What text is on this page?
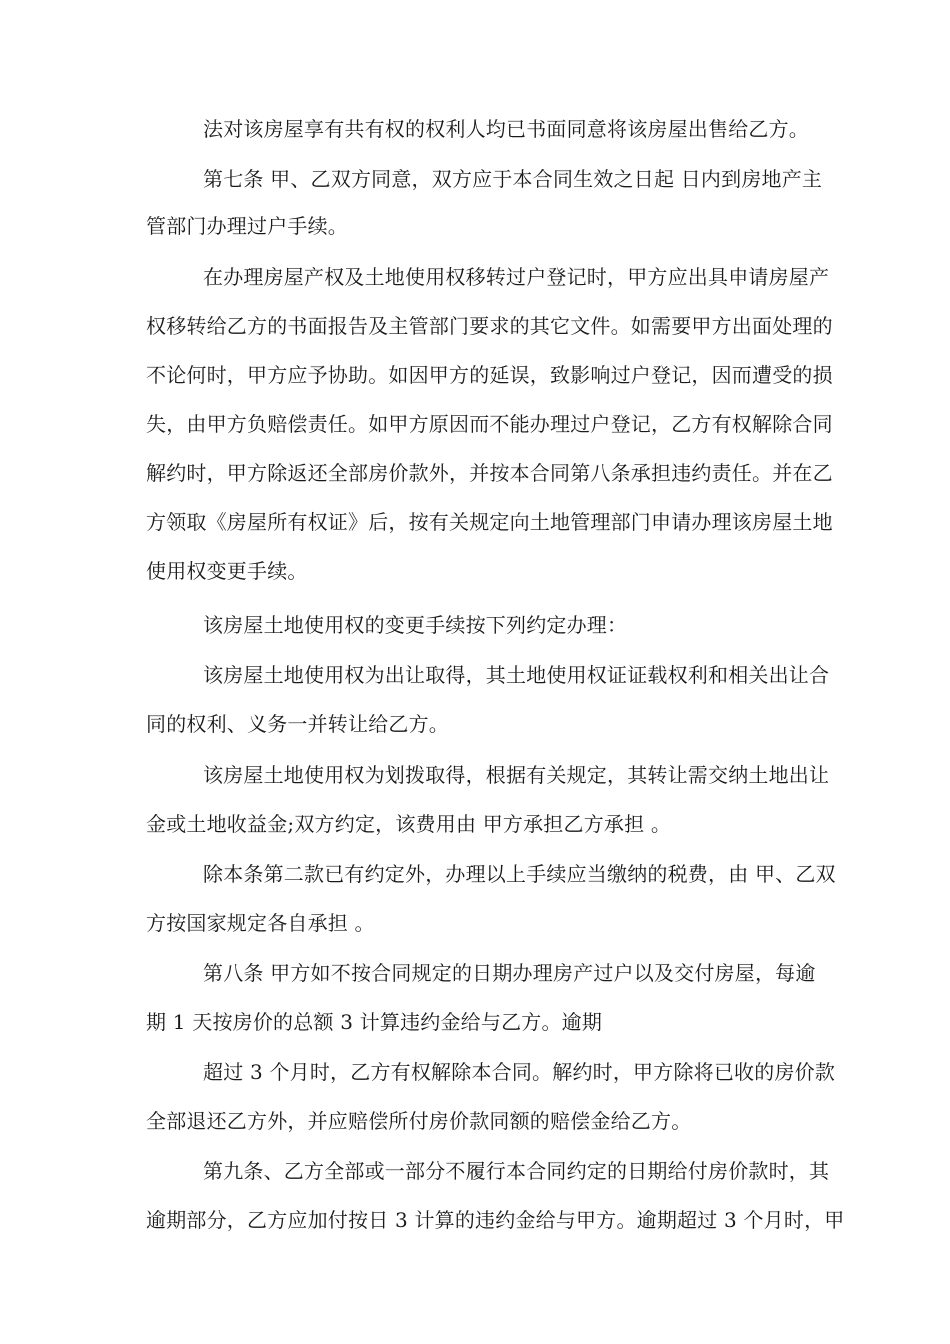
法对该房屋享有共有权的权利人均已书面同意将该房屋出售给乙方。
第七条 甲、乙双方同意，双方应于本合同生效之日起 日内到房地产主
管部门办理过户手续。
在办理房屋产权及土地使用权移转过户登记时，甲方应出具申请房屋产
权移转给乙方的书面报告及主管部门要求的其它文件。如需要甲方出面处理的
不论何时，甲方应予协助。如因甲方的延误，致影响过户登记，因而遭受的损
失，由甲方负赔偿责任。如甲方原因而不能办理过户登记，乙方有权解除合同
解约时，甲方除返还全部房价款外，并按本合同第八条承担违约责任。并在乙
方领取《房屋所有权证》后，按有关规定向土地管理部门申请办理该房屋土地
使用权变更手续。
该房屋土地使用权的变更手续按下列约定办理：
该房屋土地使用权为出让取得，其土地使用权证证载权利和相关出让合
同的权利、义务一并转让给乙方。
该房屋土地使用权为划拨取得，根据有关规定，其转让需交纳土地出让
金或土地收益金;双方约定，该费用由 甲方承担乙方承担 。
除本条第二款已有约定外，办理以上手续应当缴纳的税费，由 甲、乙双
方按国家规定各自承担 。
第八条 甲方如不按合同规定的日期办理房产过户以及交付房屋，每逾
期 1 天按房价的总额 3 计算违约金给与乙方。逾期
超过 3 个月时，乙方有权解除本合同。解约时，甲方除将已收的房价款
全部退还乙方外，并应赔偿所付房价款同额的赔偿金给乙方。
第九条、乙方全部或一部分不履行本合同约定的日期给付房价款时，其
逾期部分，乙方应加付按日 3 计算的违约金给与甲方。逾期超过 3 个月时，甲
